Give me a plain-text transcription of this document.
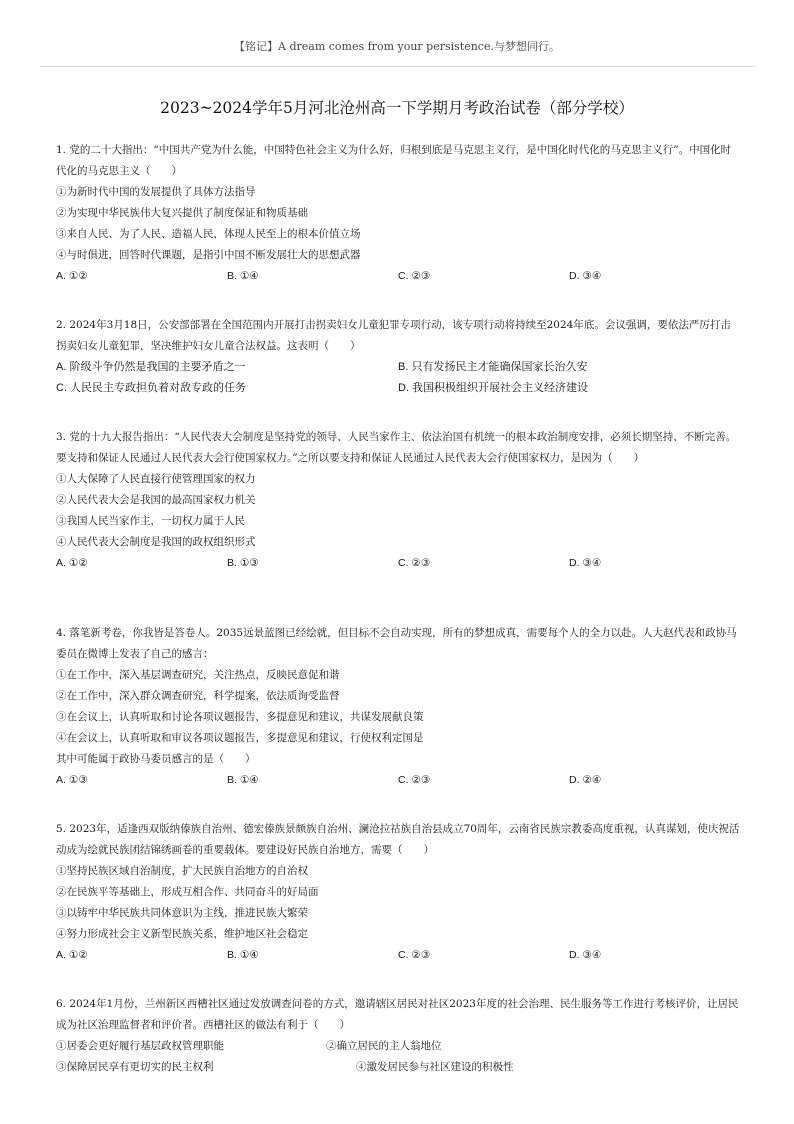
【铭记】A dream comes from your persistence.与梦想同行。
2023~2024学年5月河北沧州高一下学期月考政治试卷（部分学校）
1. 党的二十大指出：“中国共产党为什么能，中国特色社会主义为什么好，归根到底是马克思主义行，是中国化时代化的马克思主义行”。中国化时代化的马克思主义（　　）
①为新时代中国的发展提供了具体方法指导
②为实现中华民族伟大复兴提供了制度保证和物质基础
③来自人民、为了人民、造福人民，体现人民至上的根本价值立场
④与时俱进，回答时代课题，是指引中国不断发展壮大的思想武器
A. ①②	B. ①④	C. ②③	D. ③④
2. 2024年3月18日，公安部部署在全国范围内开展打击拐卖妇女儿童犯罪专项行动，该专项行动将持续至2024年底。会议强调，要依法严厉打击拐卖妇女儿童犯罪，坚决维护妇女儿童合法权益。这表明（　　）
A. 阶级斗争仍然是我国的主要矛盾之一	B. 只有发扬民主才能确保国家长治久安
C. 人民民主专政担负着对敌专政的任务	D. 我国积极组织开展社会主义经济建设
3. 党的十九大报告指出：“人民代表大会制度是坚持党的领导、人民当家作主、依法治国有机统一的根本政治制度安排，必须长期坚持、不断完善。要支持和保证人民通过人民代表大会行使国家权力。”之所以要支持和保证人民通过人民代表大会行使国家权力，是因为（　　）
①人大保障了人民直接行使管理国家的权力
②人民代表大会是我国的最高国家权力机关
③我国人民当家作主，一切权力属于人民
④人民代表大会制度是我国的政权组织形式
A. ①②	B. ①③	C. ②③	D. ③④
4. 落笔新考卷，你我皆是答卷人。2035远景蓝图已经绘就，但目标不会自动实现，所有的梦想成真，需要每个人的全力以赴。人大赵代表和政协马委员在微博上发表了自己的感言：
①在工作中，深入基层调查研究，关注热点，反映民意促和谐
②在工作中，深入群众调查研究，科学提案，依法质询受监督
③在会议上，认真听取和讨论各项议题报告，多提意见和建议，共谋发展献良策
④在会议上，认真听取和审议各项议题报告，多提意见和建议，行使权利定国是
其中可能属于政协马委员感言的是（　　）
A. ①③	B. ①④	C. ②③	D. ②④
5. 2023年，适逢西双版纳傣族自治州、德宏傣族景颇族自治州、澜沧拉祜族自治县成立70周年，云南省民族宗教委高度重视，认真谋划，使庆祝活动成为绘就民族团结锦绣画卷的重要载体。要建设好民族自治地方，需要（　　）
①坚持民族区域自治制度，扩大民族自治地方的自治权
②在民族平等基础上，形成互相合作、共同奋斗的好局面
③以铸牢中华民族共同体意识为主线，推进民族大繁荣
④努力形成社会主义新型民族关系，维护地区社会稳定
A. ①②	B. ①④	C. ②③	D. ③④
6. 2024年1月份，兰州新区西槽社区通过发放调查问卷的方式，邀请辖区居民对社区2023年度的社会治理、民生服务等工作进行考核评价，让居民成为社区治理监督者和评价者。西槽社区的做法有利于（　　）
①居委会更好履行基层政权管理职能	②确立居民的主人翁地位
③保障居民享有更切实的民主权利	④激发居民参与社区建设的积极性
